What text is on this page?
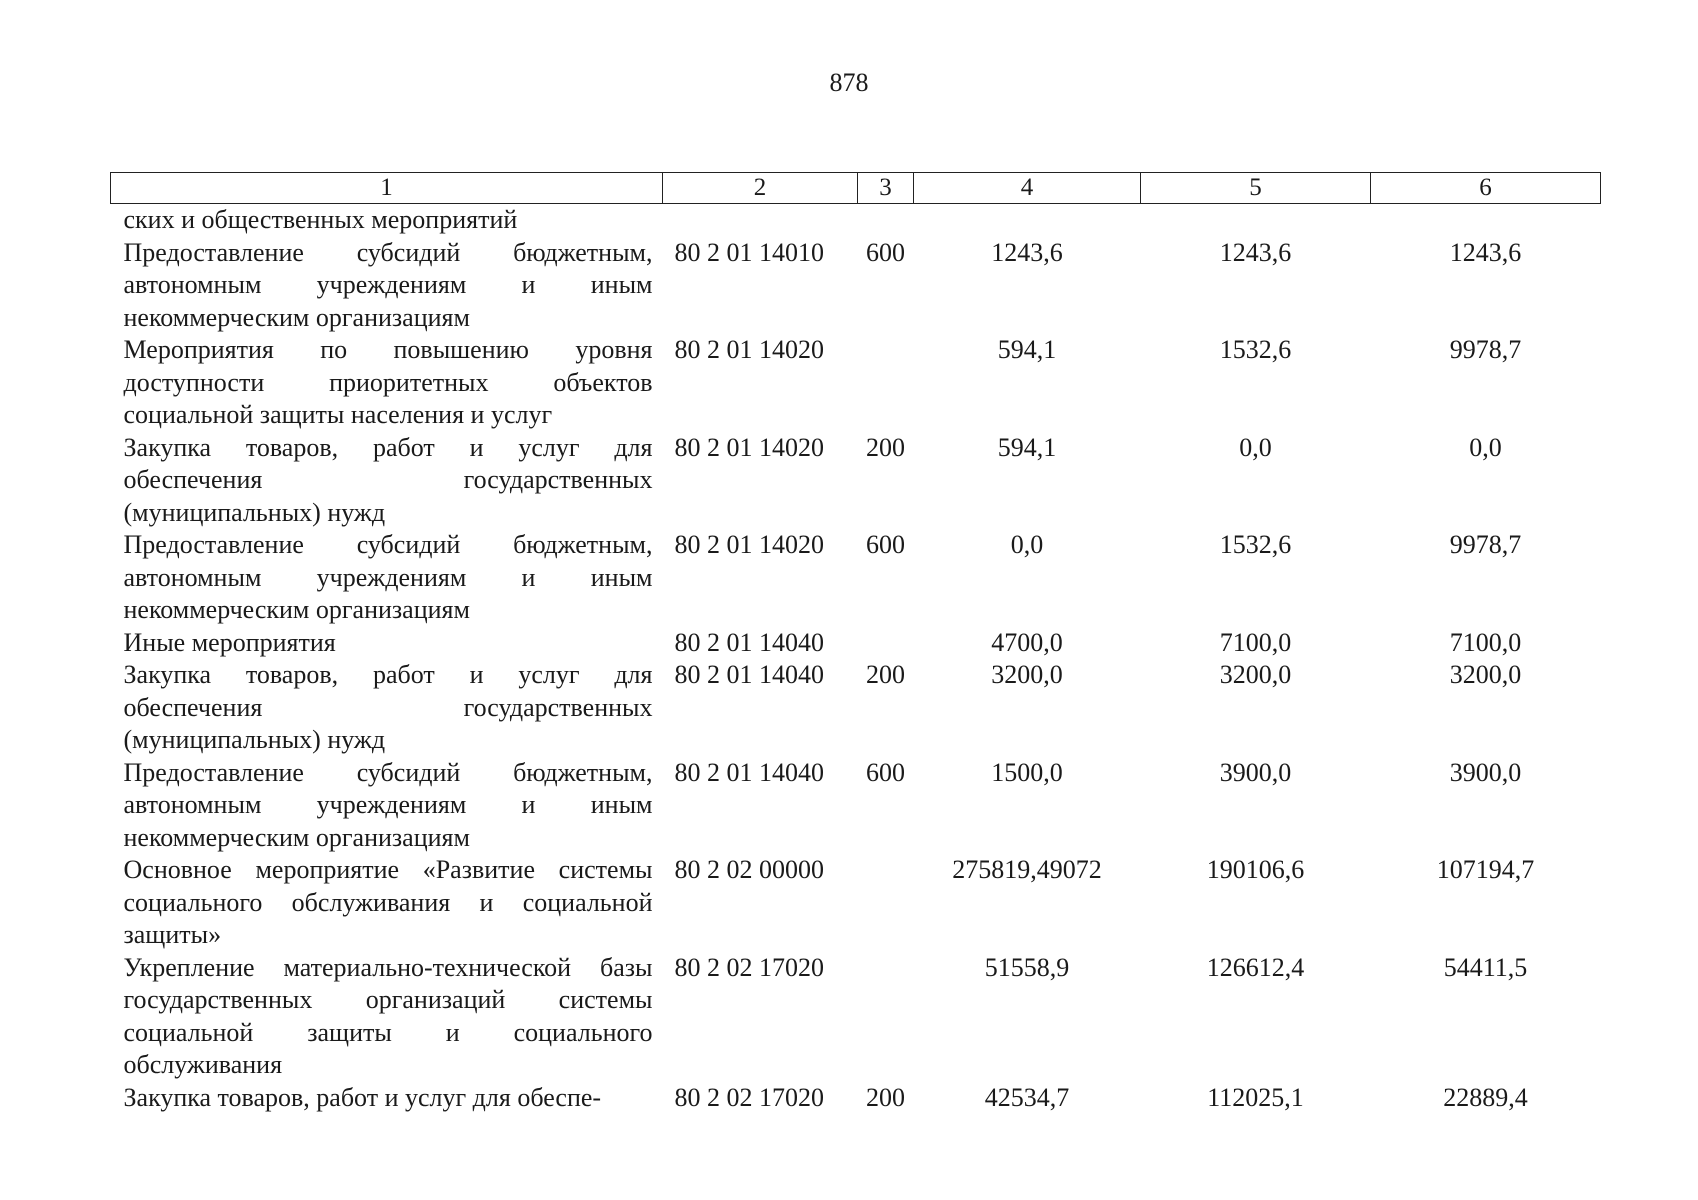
878
1	2	3	4	5	6
ских и общественных мероприятий					
Предоставление субсидий бюджетным, автономным учреждениям и иным некоммерческим организациям	80 2 01 14010	600	1243,6	1243,6	1243,6
Мероприятия по повышению уровня доступности приоритетных объектов социальной защиты населения и услуг	80 2 01 14020		594,1	1532,6	9978,7
Закупка товаров, работ и услуг для обеспечения государственных (муниципальных) нужд	80 2 01 14020	200	594,1	0,0	0,0
Предоставление субсидий бюджетным, автономным учреждениям и иным некоммерческим организациям	80 2 01 14020	600	0,0	1532,6	9978,7
Иные мероприятия	80 2 01 14040		4700,0	7100,0	7100,0
Закупка товаров, работ и услуг для обеспечения государственных (муниципальных) нужд	80 2 01 14040	200	3200,0	3200,0	3200,0
Предоставление субсидий бюджетным, автономным учреждениям и иным некоммерческим организациям	80 2 01 14040	600	1500,0	3900,0	3900,0
Основное мероприятие «Развитие системы социального обслуживания и социальной защиты»	80 2 02 00000		275819,49072	190106,6	107194,7
Укрепление материально-технической базы государственных организаций системы социальной защиты и социального обслуживания	80 2 02 17020		51558,9	126612,4	54411,5
Закупка товаров, работ и услуг для обеспе-	80 2 02 17020	200	42534,7	112025,1	22889,4
